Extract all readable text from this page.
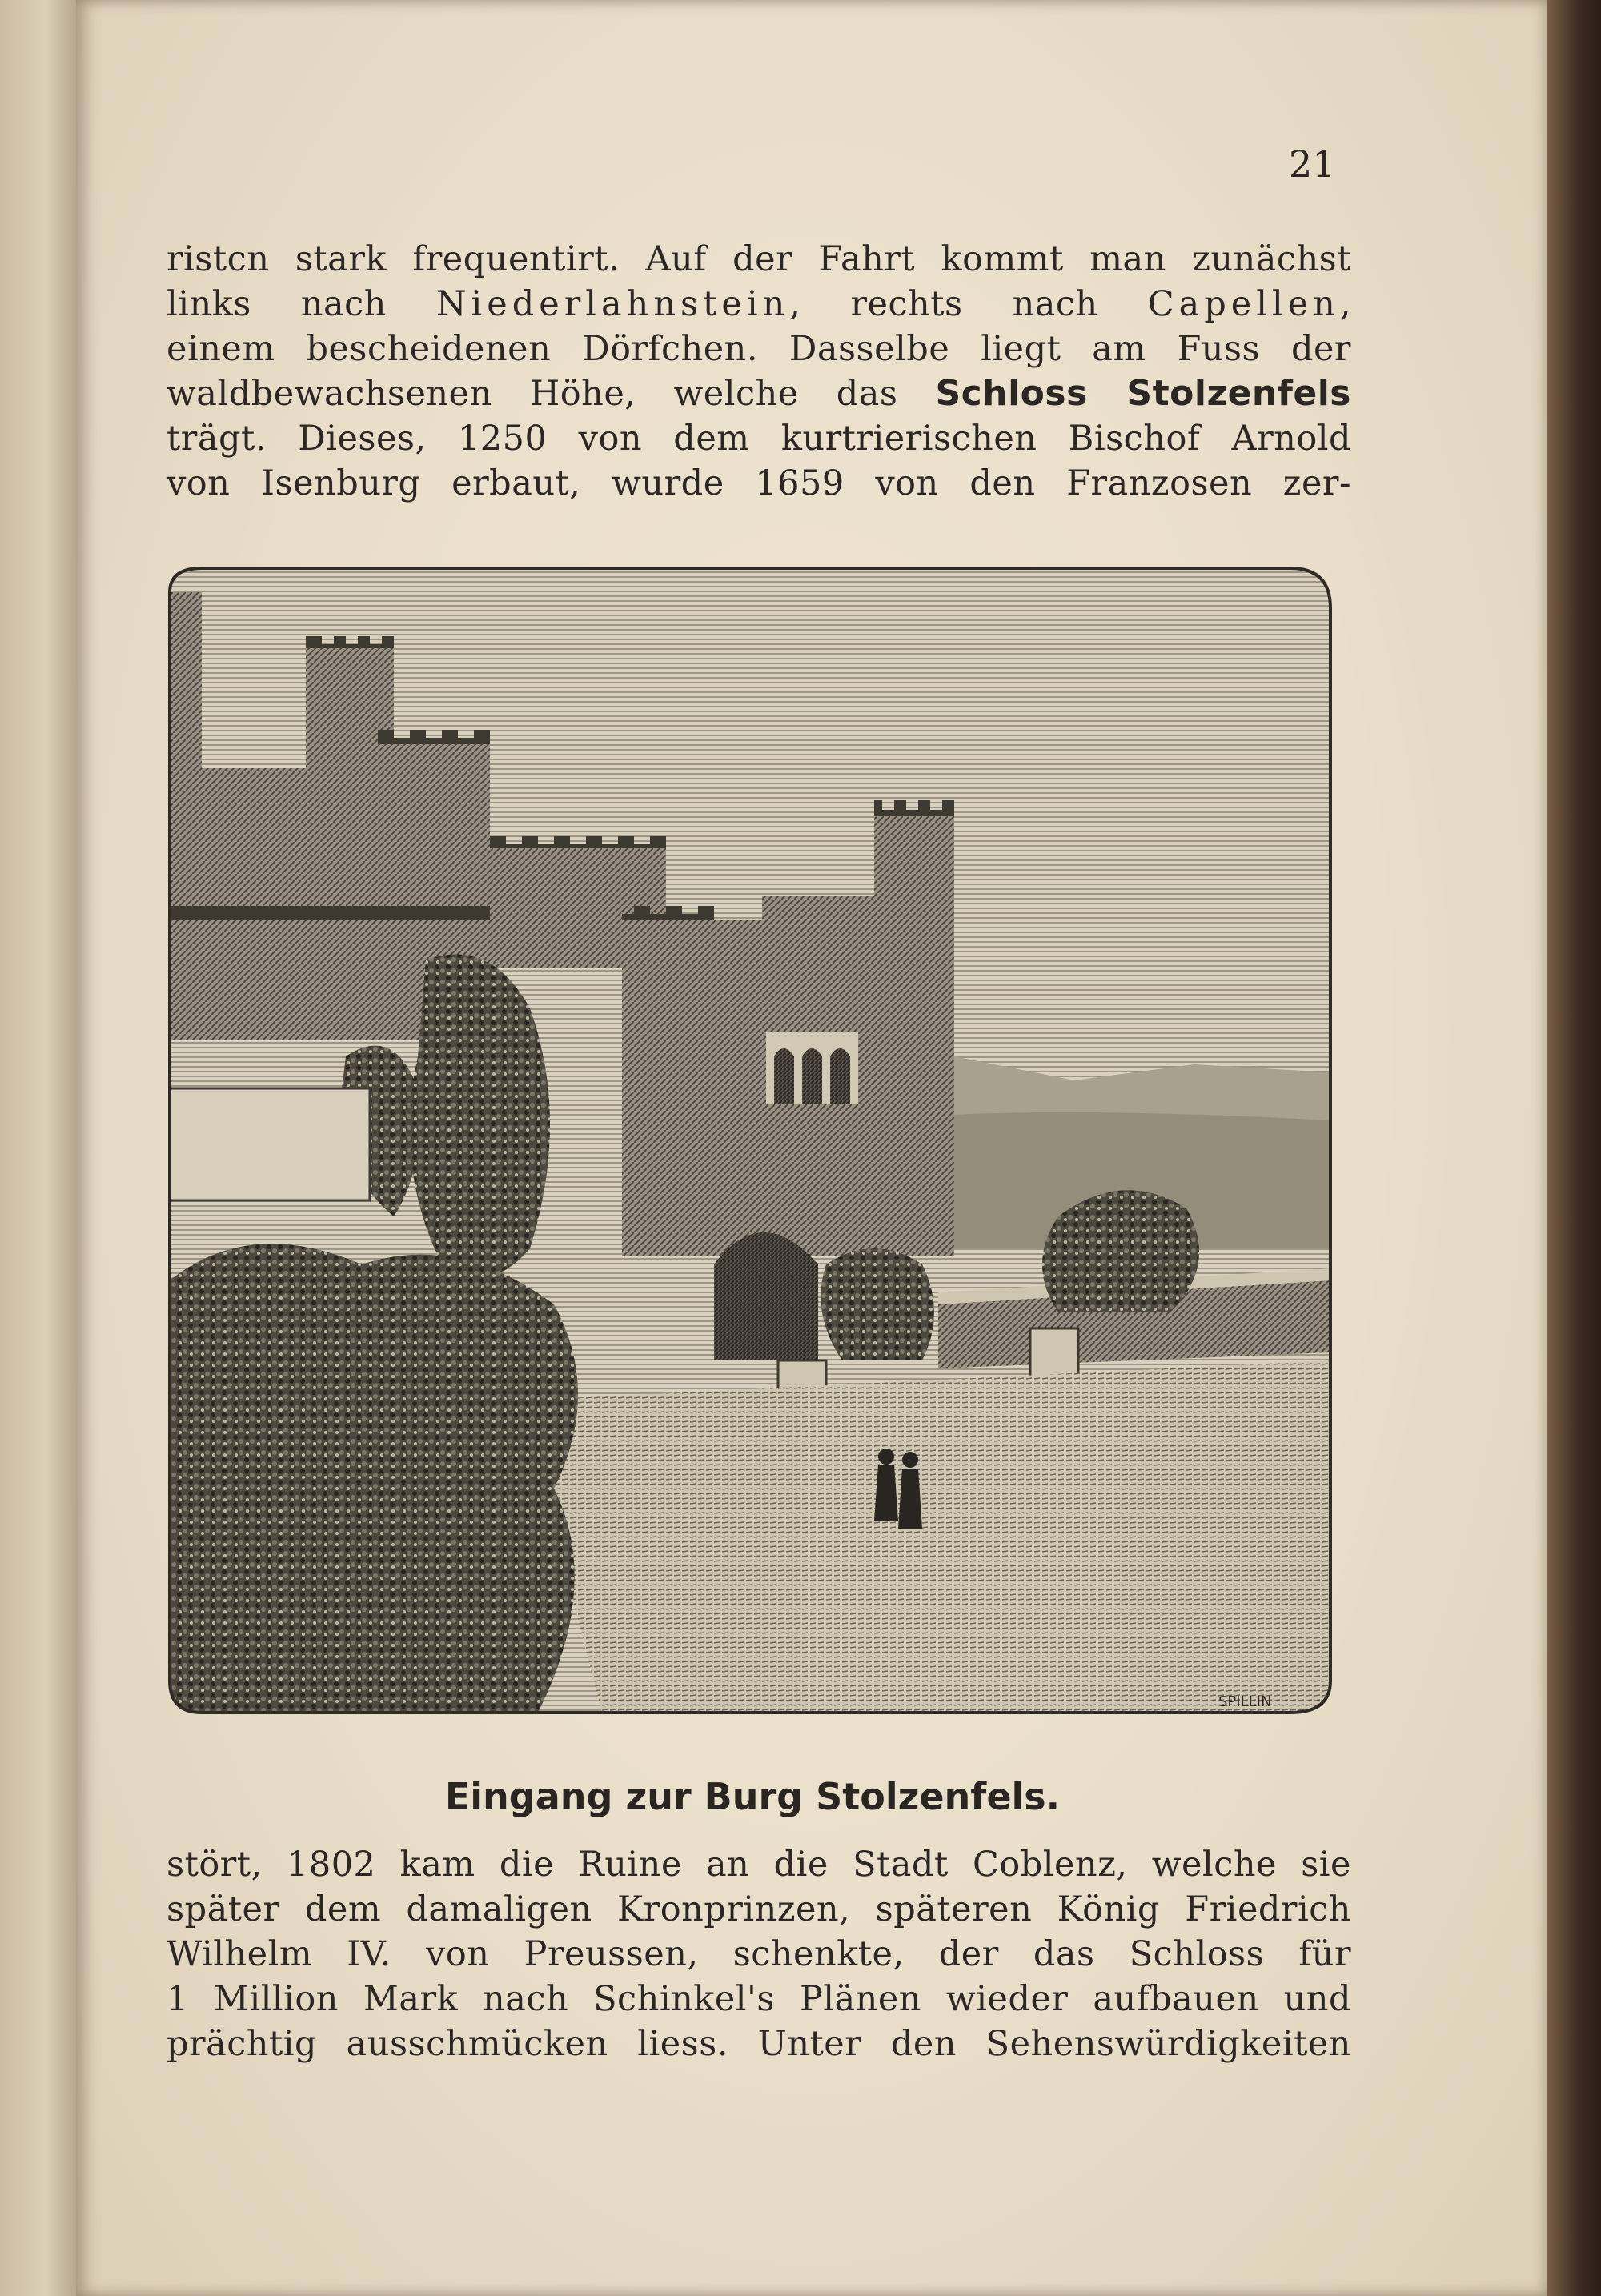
21
ristcn stark frequentirt. Auf der Fahrt kommt man zunächst
links nach Niederlahnstein, rechts nach Capellen,
einem bescheidenen Dörfchen. Dasselbe liegt am Fuss der
waldbewachsenen Höhe, welche das Schloss Stolzenfels
trägt. Dieses, 1250 von dem kurtrierischen Bischof Arnold
von Isenburg erbaut, wurde 1659 von den Franzosen zer-
SPILLIN
Eingang zur Burg Stolzenfels.
stört, 1802 kam die Ruine an die Stadt Coblenz, welche sie
später dem damaligen Kronprinzen, späteren König Friedrich
Wilhelm IV. von Preussen, schenkte, der das Schloss für
1 Million Mark nach Schinkel's Plänen wieder aufbauen und
prächtig ausschmücken liess. Unter den Sehenswürdigkeiten
